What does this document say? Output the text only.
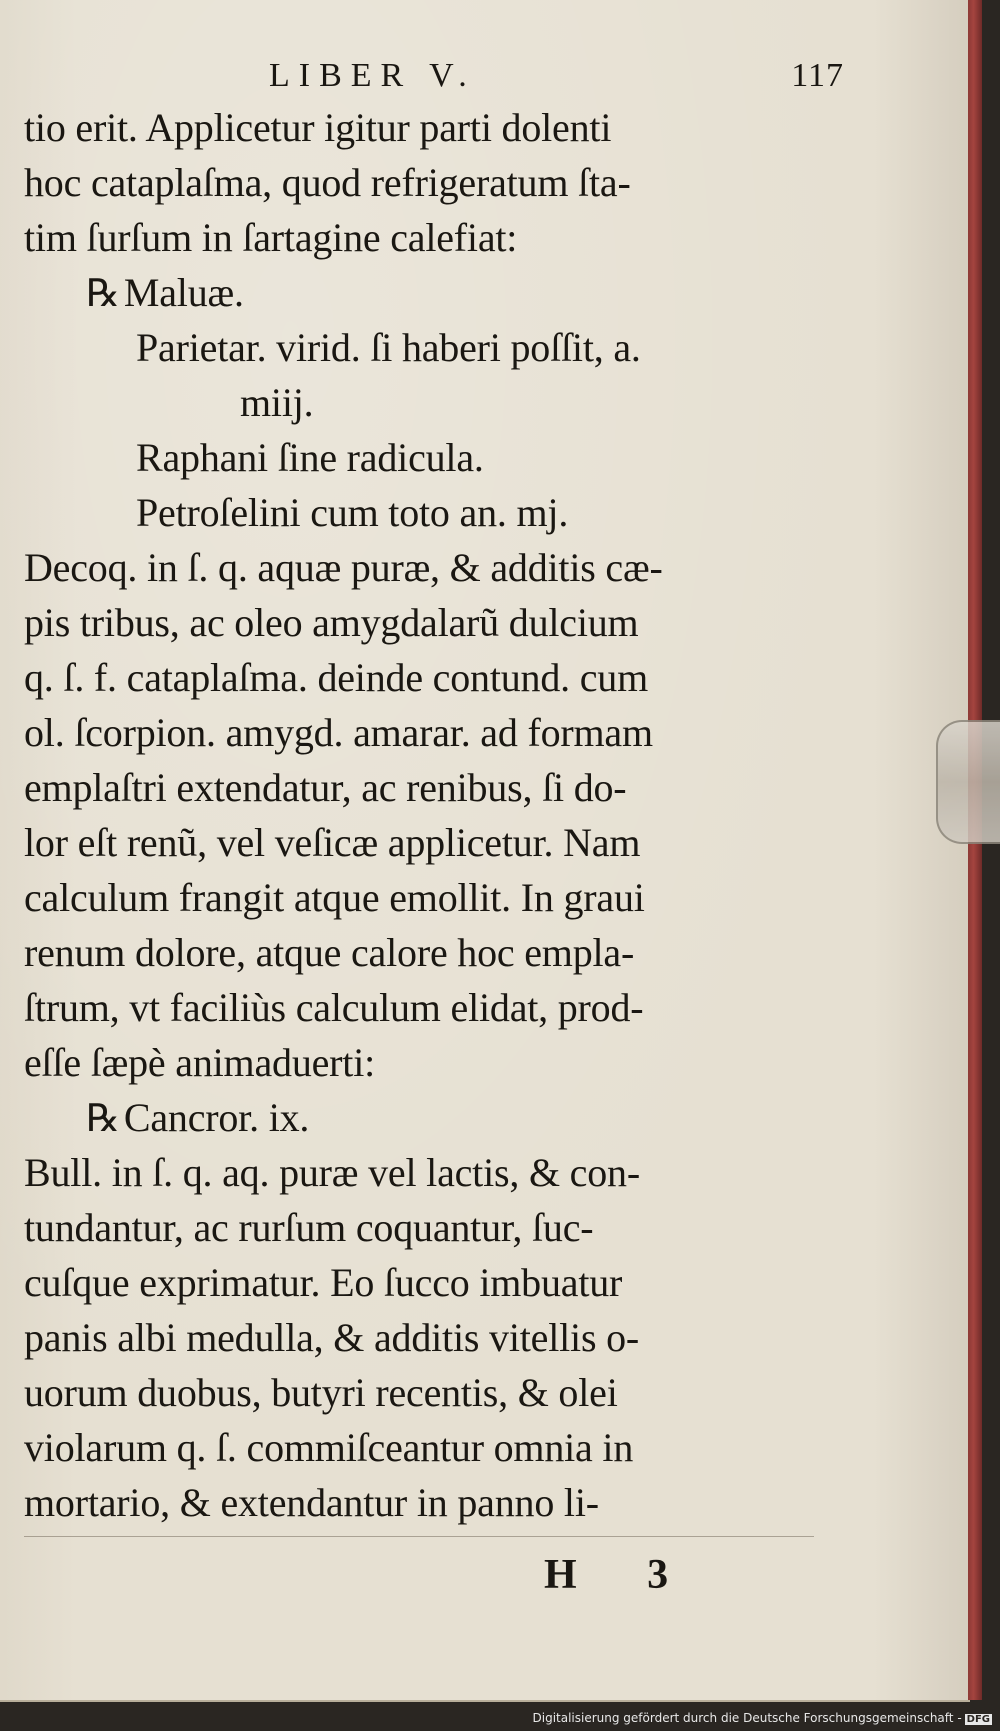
LIBER V.	117
tio erit. Applicetur igitur parti dolenti
hoc cataplaſma, quod refrigeratum ſta-
tim ſurſum in ſartagine calefiat:
℞ Maluæ.
Parietar. virid. ſi haberi poſſit, a.
miij.
Raphani ſine radicula.
Petroſelini cum toto an. mj.
Decoq. in ſ. q. aquæ puræ, & additis cæ-
pis tribus, ac oleo amygdalarũ dulcium
q. ſ. f. cataplaſma. deinde contund. cum
ol. ſcorpion. amygd. amarar. ad formam
emplaſtri extendatur, ac renibus, ſi do-
lor eſt renũ, vel veſicæ applicetur. Nam
calculum frangit atque emollit. In graui
renum dolore, atque calore hoc empla-
ſtrum, vt faciliùs calculum elidat, prod-
eſſe ſæpè animaduerti:
℞ Cancror. ix.
Bull. in ſ. q. aq. puræ vel lactis, & con-
tundantur, ac rurſum coquantur, ſuc-
cuſque exprimatur. Eo ſucco imbuatur
panis albi medulla, & additis vitellis o-
uorum duobus, butyri recentis, & olei
violarum q. ſ. commiſceantur omnia in
mortario, & extendantur in panno li-
H 3
Digitalisierung gefördert durch die Deutsche Forschungsgemeinschaft - DFG
